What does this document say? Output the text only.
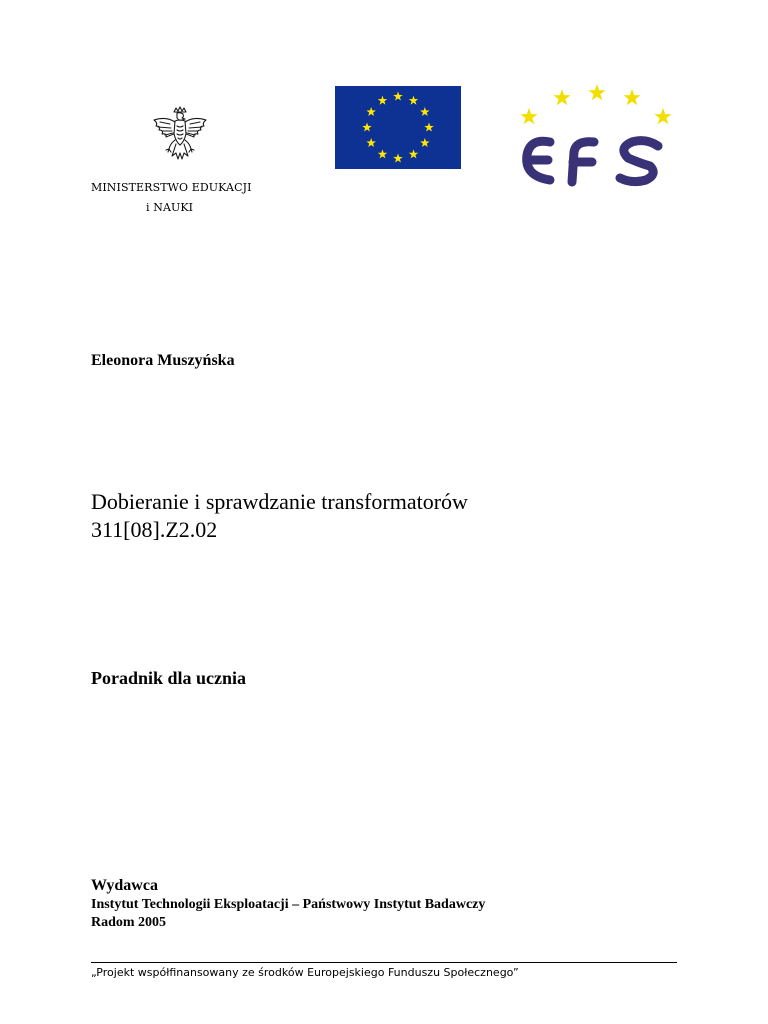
MINISTERSTWO EDUKACJI
i NAUKI
Eleonora Muszyńska
Dobieranie i sprawdzanie transformatorów
311[08].Z2.02
Poradnik dla ucznia
Wydawca
Instytut Technologii Eksploatacji – Państwowy Instytut Badawczy
Radom 2005
„Projekt współfinansowany ze środków Europejskiego Funduszu Społecznego”
